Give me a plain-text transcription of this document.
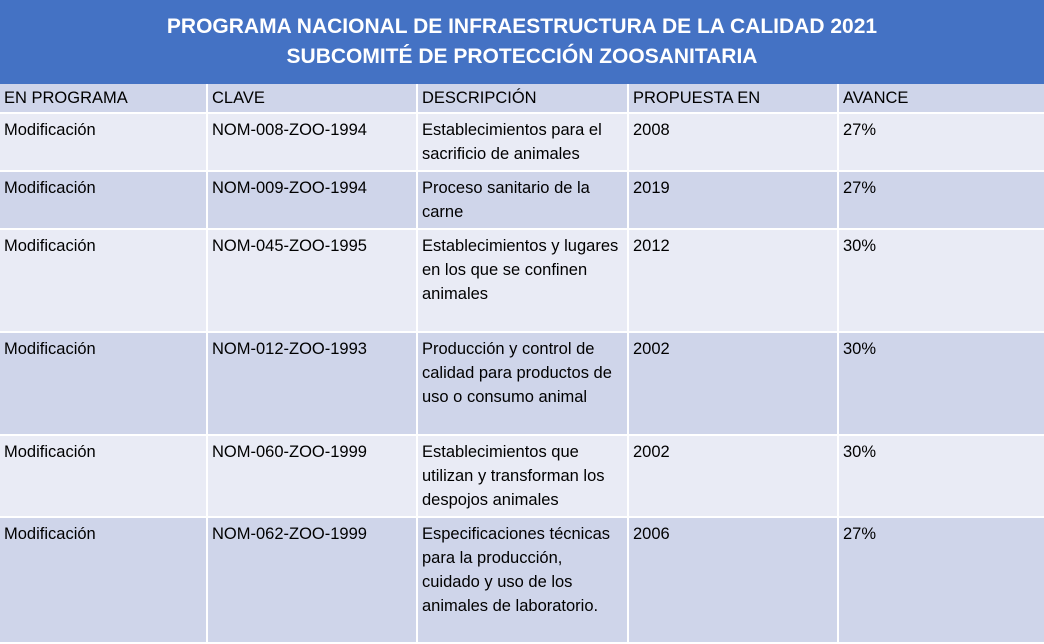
PROGRAMA NACIONAL DE INFRAESTRUCTURA DE LA CALIDAD 2021
SUBCOMITÉ DE PROTECCIÓN ZOOSANITARIA
EN PROGRAMA	CLAVE	DESCRIPCIÓN	PROPUESTA EN	AVANCE
Modificación	NOM-008-ZOO-1994	Establecimientos para el sacrificio de animales	2008	27%
Modificación	NOM-009-ZOO-1994	Proceso sanitario de la carne	2019	27%
Modificación	NOM-045-ZOO-1995	Establecimientos y lugares en los que se confinen animales	2012	30%
Modificación	NOM-012-ZOO-1993	Producción y control de calidad para productos de uso o consumo animal	2002	30%
Modificación	NOM-060-ZOO-1999	Establecimientos que utilizan y transforman los despojos animales	2002	30%
Modificación	NOM-062-ZOO-1999	Especificaciones técnicas para la producción, cuidado y uso de los animales de laboratorio.	2006	27%
